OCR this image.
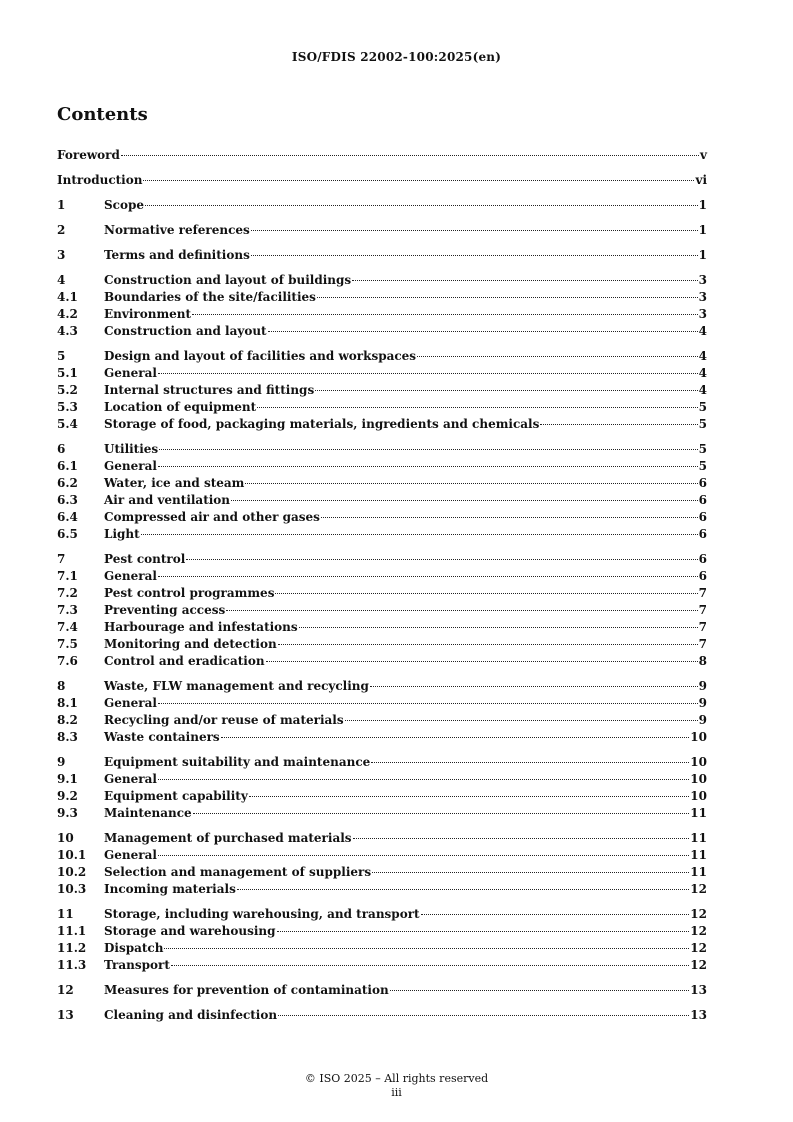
ISO/FDIS 22002-100:2025(en)
Contents
Foreword	v
Introduction	vi
1	Scope	1
2	Normative references	1
3	Terms and definitions	1
4	Construction and layout of buildings	3
4.1	Boundaries of the site/facilities	3
4.2	Environment	3
4.3	Construction and layout	4
5	Design and layout of facilities and workspaces	4
5.1	General	4
5.2	Internal structures and fittings	4
5.3	Location of equipment	5
5.4	Storage of food, packaging materials, ingredients and chemicals	5
6	Utilities	5
6.1	General	5
6.2	Water, ice and steam	6
6.3	Air and ventilation	6
6.4	Compressed air and other gases	6
6.5	Light	6
7	Pest control	6
7.1	General	6
7.2	Pest control programmes	7
7.3	Preventing access	7
7.4	Harbourage and infestations	7
7.5	Monitoring and detection	7
7.6	Control and eradication	8
8	Waste, FLW management and recycling	9
8.1	General	9
8.2	Recycling and/or reuse of materials	9
8.3	Waste containers	10
9	Equipment suitability and maintenance	10
9.1	General	10
9.2	Equipment capability	10
9.3	Maintenance	11
10	Management of purchased materials	11
10.1	General	11
10.2	Selection and management of suppliers	11
10.3	Incoming materials	12
11	Storage, including warehousing, and transport	12
11.1	Storage and warehousing	12
11.2	Dispatch	12
11.3	Transport	12
12	Measures for prevention of contamination	13
13	Cleaning and disinfection	13
© ISO 2025 – All rights reserved
iii
